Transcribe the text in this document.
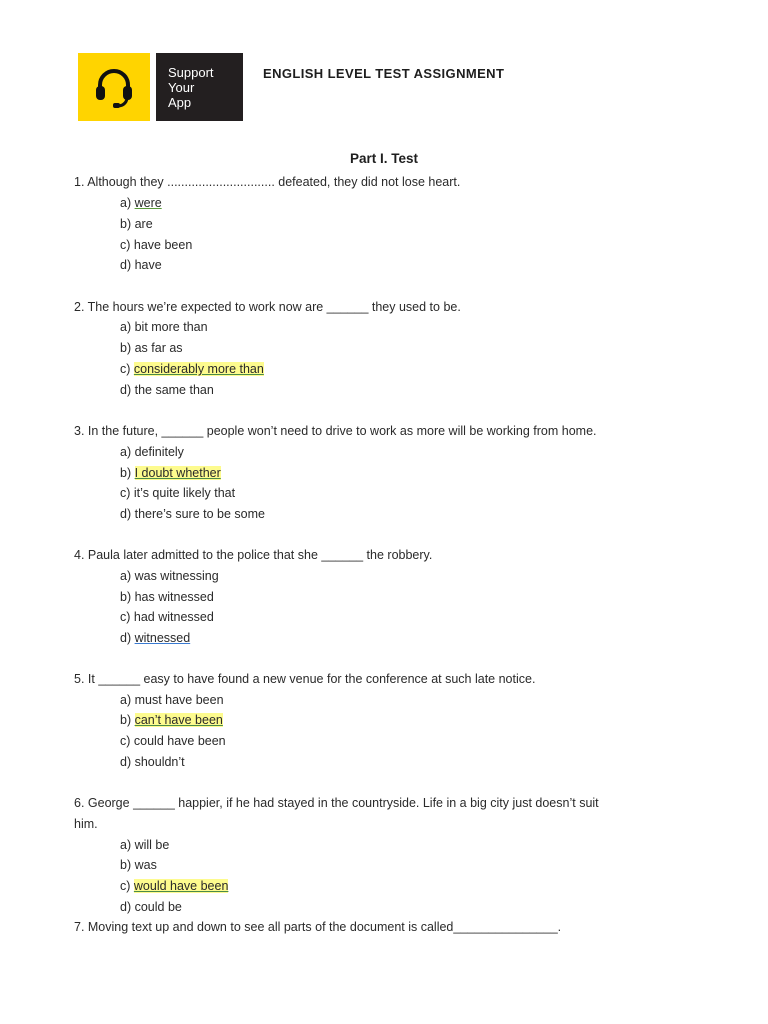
Support
Your
App
ENGLISH LEVEL TEST ASSIGNMENT
Part I. Test
1. Although they ............................... defeated, they did not lose heart.
a) were
b) are
c) have been
d) have
2. The hours we’re expected to work now are ______ they used to be.
a) bit more than
b) as far as
c) considerably more than
d) the same than
3. In the future, ______ people won’t need to drive to work as more will be working from home.
a) definitely
b) I doubt whether
c) it’s quite likely that
d) there’s sure to be some
4. Paula later admitted to the police that she ______ the robbery.
a) was witnessing
b) has witnessed
c) had witnessed
d) witnessed
5. It ______ easy to have found a new venue for the conference at such late notice.
a) must have been
b) can’t have been
c) could have been
d) shouldn’t
6. George ______ happier, if he had stayed in the countryside. Life in a big city just doesn’t suit
him.
a) will be
b) was
c) would have been
d) could be
7. Moving text up and down to see all parts of the document is called_______________.
